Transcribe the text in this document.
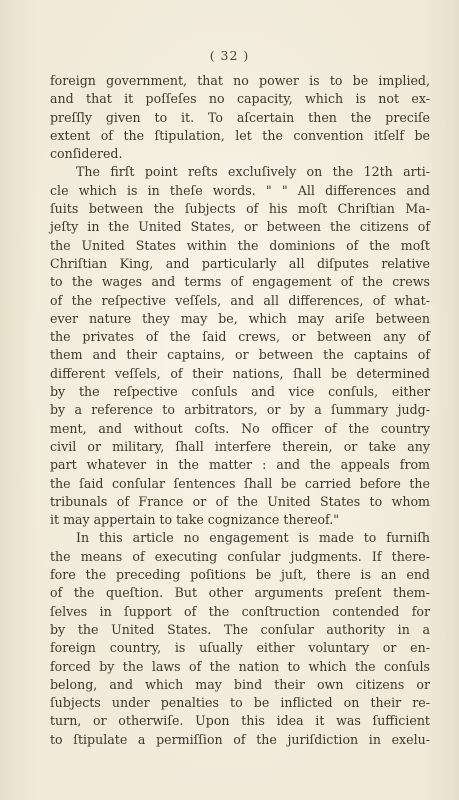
( 32 )
foreign government, that no power is to be implied,
and that it poſſeſes no capacity, which is not ex-
preſſly given to it. To aſcertain then the preciſe
extent of the ſtipulation, let the convention itſelf be
conſidered.
The firſt point reſts excluſively on the 12th arti-
cle which is in theſe words. " " All differences and
ſuits between the ſubjects of his moſt Chriſtian Ma-
jeſty in the United States, or between the citizens of
the United States within the dominions of the moſt
Chriſtian King, and particularly all diſputes relative
to the wages and terms of engagement of the crews
of the reſpective veſſels, and all differences, of what-
ever nature they may be, which may ariſe between
the privates of the ſaid crews, or between any of
them and their captains, or between the captains of
different veſſels, of their nations, ſhall be determined
by the reſpective conſuls and vice conſuls, either
by a reference to arbitrators, or by a ſummary judg-
ment, and without coſts. No officer of the country
civil or military, ſhall interfere therein, or take any
part whatever in the matter : and the appeals from
the ſaid conſular ſentences ſhall be carried before the
tribunals of France or of the United States to whom
it may appertain to take cognizance thereof."
In this article no engagement is made to furniſh
the means of executing conſular judgments. If there-
fore the preceding poſitions be juſt, there is an end
of the queſtion. But other arguments preſent them-
ſelves in ſupport of the conſtruction contended for
by the United States. The conſular authority in a
foreign country, is uſually either voluntary or en-
forced by the laws of the nation to which the conſuls
belong, and which may bind their own citizens or
ſubjects under penalties to be inflicted on their re-
turn, or otherwiſe. Upon this idea it was ſufficient
to ſtipulate a permiſſion of the juriſdiction in exelu-
